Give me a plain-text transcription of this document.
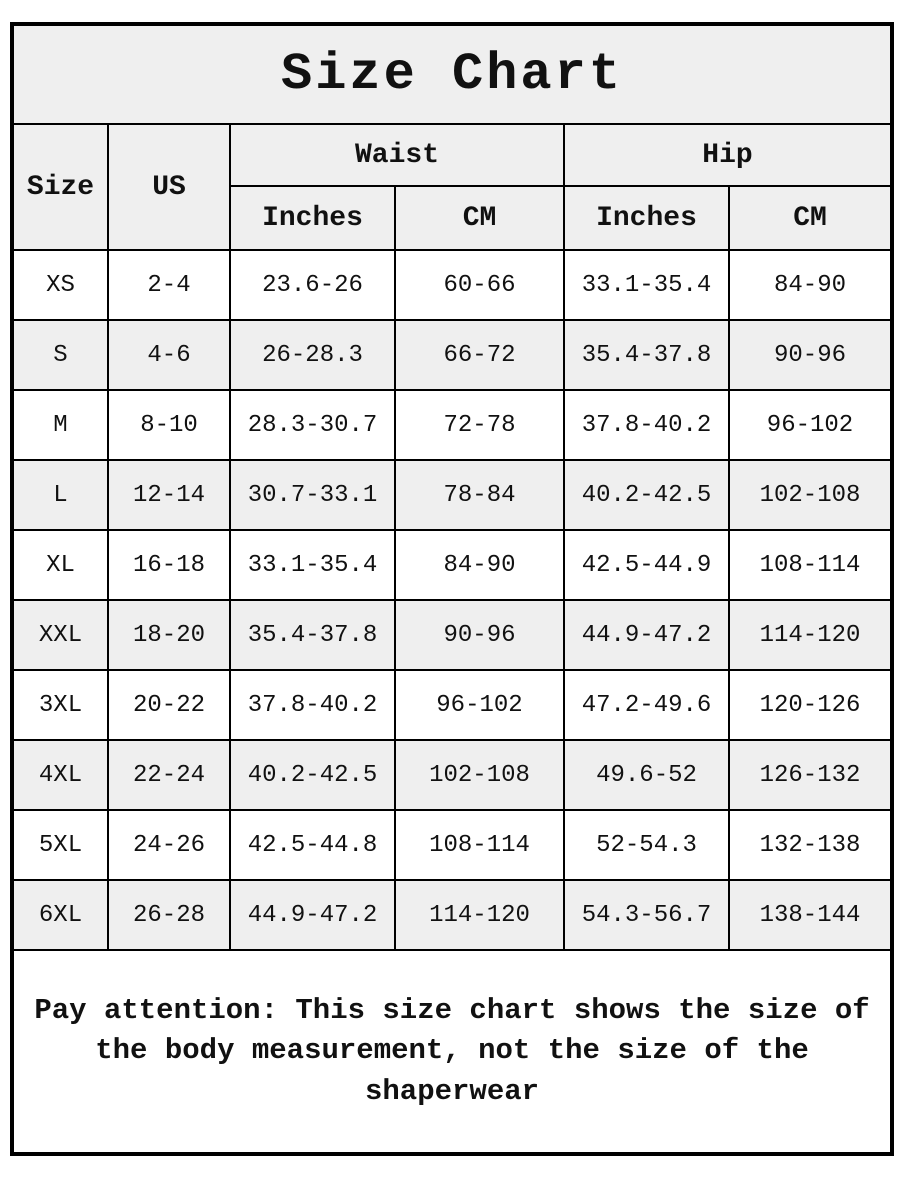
Size Chart					
Size	US	Waist		Hip	
		Inches	CM	Inches	CM
XS	2-4	23.6-26	60-66	33.1-35.4	84-90
S	4-6	26-28.3	66-72	35.4-37.8	90-96
M	8-10	28.3-30.7	72-78	37.8-40.2	96-102
L	12-14	30.7-33.1	78-84	40.2-42.5	102-108
XL	16-18	33.1-35.4	84-90	42.5-44.9	108-114
XXL	18-20	35.4-37.8	90-96	44.9-47.2	114-120
3XL	20-22	37.8-40.2	96-102	47.2-49.6	120-126
4XL	22-24	40.2-42.5	102-108	49.6-52	126-132
5XL	24-26	42.5-44.8	108-114	52-54.3	132-138
6XL	26-28	44.9-47.2	114-120	54.3-56.7	138-144
Pay attention: This size chart shows the size of the body measurement, not the size of the shaperwear					
